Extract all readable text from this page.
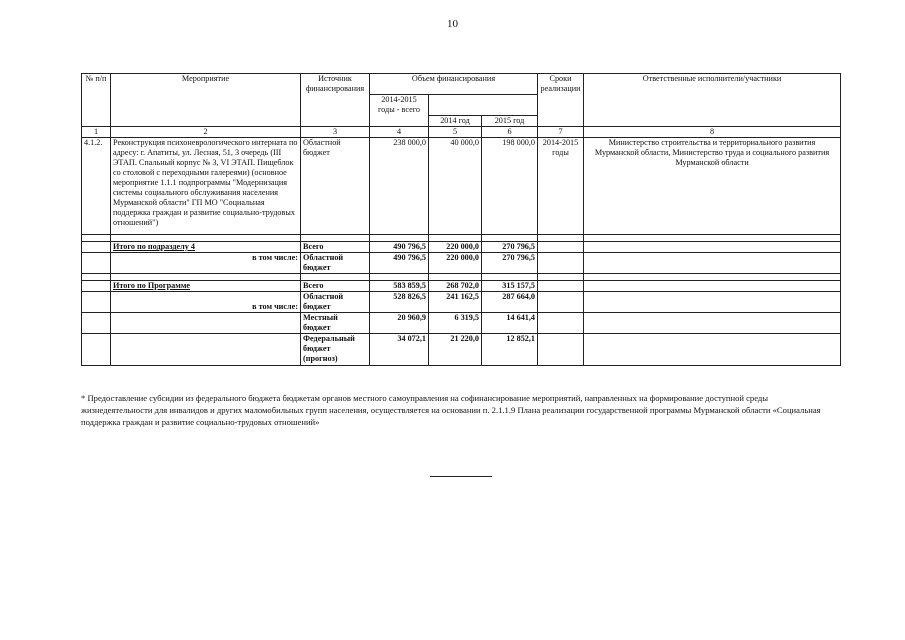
10
№ п/п	Мероприятие	Источник финансирования	Объем финансирования			Сроки реализации	Ответственные исполнители/участники
			2014-2015 годы - всего				
				2014 год	2015 год		
1	2	3	4	5	6	7	8
4.1.2.	Реконструкция психоневрологического интерната по адресу: г. Апатиты, ул. Лесная, 51, 3 очередь (III ЭТАП. Спальный корпус № 3, VI ЭТАП. Пищеблок со столовой с переходными галереями) (основное мероприятие 1.1.1 подпрограммы "Модернизация системы социального обслуживания населения Мурманской области" ГП МО "Социальная поддержка граждан и развитие социально-трудовых отношений")	Областной бюджет	238 000,0	40 000,0	198 000,0	2014-2015 годы	Министерство строительства и территориального развития Мурманской области, Министерство труда и социального развития Мурманской области

	Итого по подразделу 4	Всего	490 796,5	220 000,0	270 796,5		
	в том числе:	Областной бюджет	490 796,5	220 000,0	270 796,5		

	Итого по Программе	Всего	583 859,5	268 702,0	315 157,5		
	в том числе:	Областной бюджет	528 826,5	241 162,5	287 664,0		
		Местный бюджет	20 960,9	6 319,5	14 641,4		
		Федеральный бюджет (прогноз)	34 072,1	21 220,0	12 852,1		
* Предоставление субсидии из федерального бюджета бюджетам органов местного самоуправления на софинансирование мероприятий, направленных на формирование доступной среды жизнедеятельности для инвалидов и других маломобильных групп населения, осуществляется на основании п. 2.1.1.9 Плана реализации государственной программы Мурманской области «Социальная поддержка граждан и развитие социально-трудовых отношений»
